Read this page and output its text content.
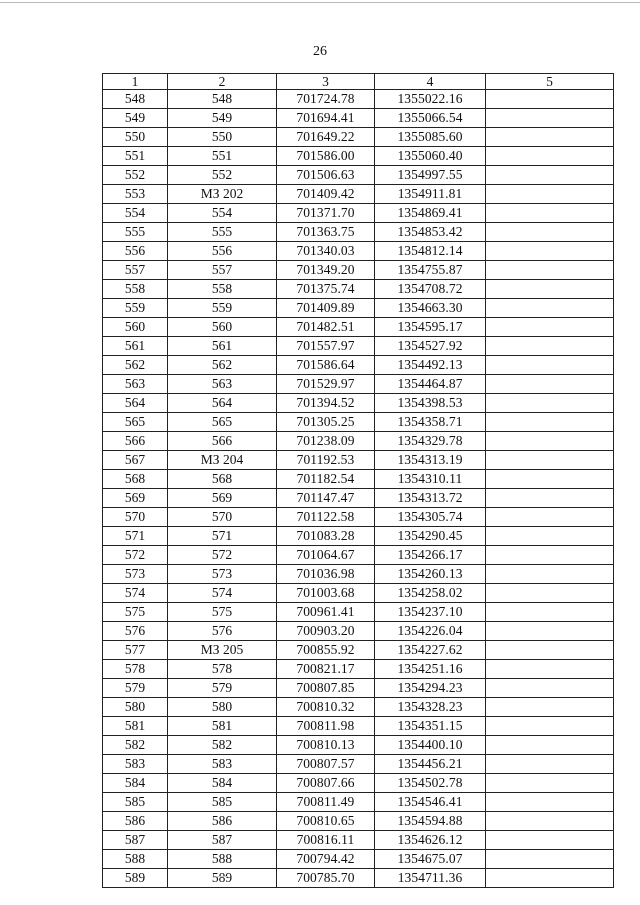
26
1	2	3	4	5
548	548	701724.78	1355022.16	
549	549	701694.41	1355066.54	
550	550	701649.22	1355085.60	
551	551	701586.00	1355060.40	
552	552	701506.63	1354997.55	
553	МЗ 202	701409.42	1354911.81	
554	554	701371.70	1354869.41	
555	555	701363.75	1354853.42	
556	556	701340.03	1354812.14	
557	557	701349.20	1354755.87	
558	558	701375.74	1354708.72	
559	559	701409.89	1354663.30	
560	560	701482.51	1354595.17	
561	561	701557.97	1354527.92	
562	562	701586.64	1354492.13	
563	563	701529.97	1354464.87	
564	564	701394.52	1354398.53	
565	565	701305.25	1354358.71	
566	566	701238.09	1354329.78	
567	МЗ 204	701192.53	1354313.19	
568	568	701182.54	1354310.11	
569	569	701147.47	1354313.72	
570	570	701122.58	1354305.74	
571	571	701083.28	1354290.45	
572	572	701064.67	1354266.17	
573	573	701036.98	1354260.13	
574	574	701003.68	1354258.02	
575	575	700961.41	1354237.10	
576	576	700903.20	1354226.04	
577	МЗ 205	700855.92	1354227.62	
578	578	700821.17	1354251.16	
579	579	700807.85	1354294.23	
580	580	700810.32	1354328.23	
581	581	700811.98	1354351.15	
582	582	700810.13	1354400.10	
583	583	700807.57	1354456.21	
584	584	700807.66	1354502.78	
585	585	700811.49	1354546.41	
586	586	700810.65	1354594.88	
587	587	700816.11	1354626.12	
588	588	700794.42	1354675.07	
589	589	700785.70	1354711.36	
